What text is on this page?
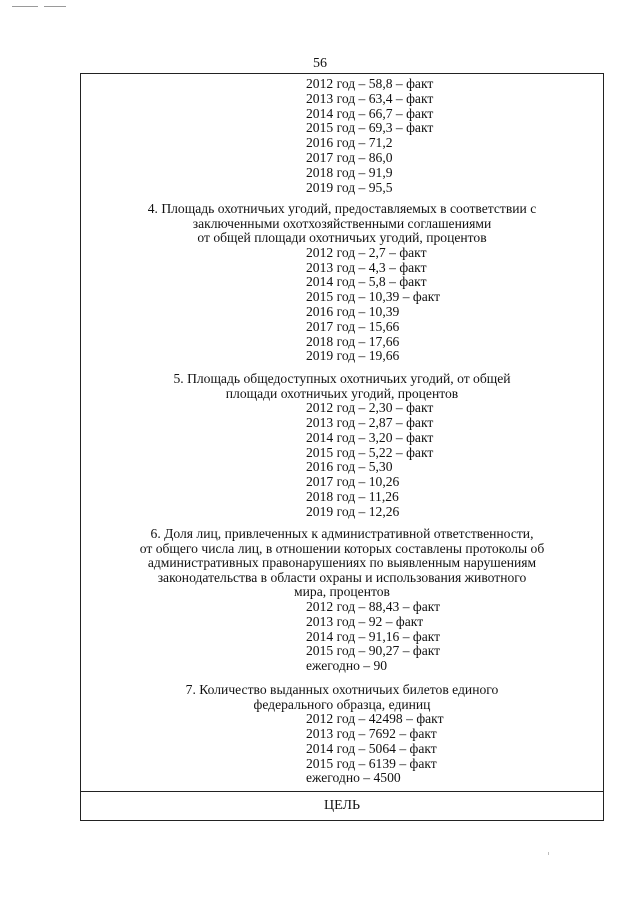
56
2012 год – 58,8 – факт
2013 год – 63,4 – факт
2014 год – 66,7 – факт
2015 год – 69,3 – факт
2016 год – 71,2
2017 год – 86,0
2018 год – 91,9
2019 год – 95,5
4. Площадь охотничьих угодий, предоставляемых в соответствии с
заключенными охотхозяйственными соглашениями
от общей площади охотничьих угодий, процентов
2012 год – 2,7 – факт
2013 год – 4,3 – факт
2014 год – 5,8 – факт
2015 год – 10,39 – факт
2016 год – 10,39
2017 год – 15,66
2018 год – 17,66
2019 год – 19,66
5. Площадь общедоступных охотничьих угодий, от общей
площади охотничьих угодий, процентов
2012 год – 2,30 – факт
2013 год – 2,87 – факт
2014 год – 3,20 – факт
2015 год – 5,22 – факт
2016 год – 5,30
2017 год – 10,26
2018 год – 11,26
2019 год – 12,26
6. Доля лиц, привлеченных к административной ответственности,
от общего числа лиц, в отношении которых составлены протоколы об
административных правонарушениях по выявленным нарушениям
законодательства в области охраны и использования животного
мира, процентов
2012 год – 88,43 – факт
2013 год – 92 – факт
2014 год – 91,16 – факт
2015 год – 90,27 – факт
ежегодно – 90
7. Количество выданных охотничьих билетов единого
федерального образца, единиц
2012 год – 42498 – факт
2013 год – 7692 – факт
2014 год – 5064 – факт
2015 год – 6139 – факт
ежегодно – 4500
ЦЕЛЬ
